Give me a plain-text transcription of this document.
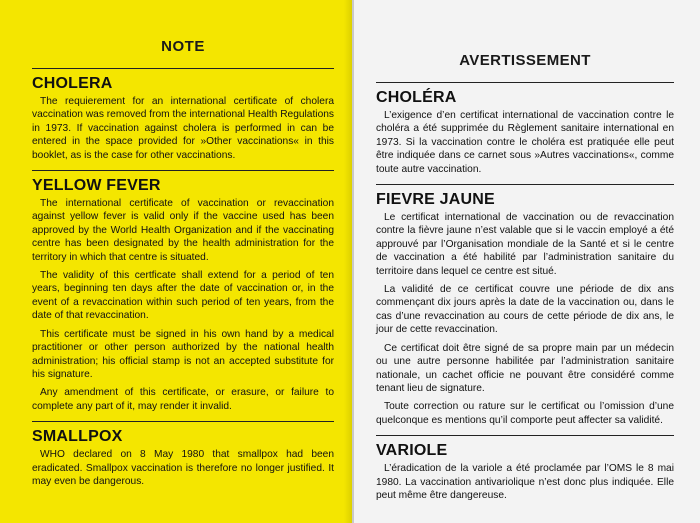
NOTE
CHOLERA

The requierement for an international certificate of cholera vaccination was removed from the international Health Regulations in 1973. If vaccination against cholera is performed in can be entered in the space provided for »Other vaccinations« in this booklet, as is the case for other vaccinations.

YELLOW FEVER

The international certificate of vaccination or revaccination against yellow fever is valid only if the vaccine used has been approved by the World Health Organization and if the vaccinating centre has been designated by the health administration for the territory in which that centre is situated.

The validity of this certficate shall extend for a period of ten years, beginning ten days after the date of vaccination or, in the event of a revaccination within such period of ten years, from the date of that revaccination.

This certificate must be signed in his own hand by a medical practitioner or other person authorized by the national health administration; his official stamp is not an accepted substitute for his signature.

Any amendment of this certificate, or erasure, or failure to complete any part of it, may render it invalid.

SMALLPOX

WHO declared on 8 May 1980 that smallpox had been eradicated. Smallpox vaccination is therefore no longer justified. It may even be dangerous.

AVERTISSEMENT
CHOLÉRA

L’exigence d’en certificat international de vaccination contre le choléra a été supprimée du Règlement sanitaire international en 1973. Si la vaccination contre le choléra est pratiquée elle peut être indiquée dans ce carnet sous »Autres vaccinations«, comme toute autre vaccination.

FIEVRE JAUNE

Le certificat international de vaccination ou de revaccination contre la fièvre jaune n’est valable que si le vaccin employé a été approuvé par l’Organisation mondiale de la Santé et si le centre de vaccination a été habilité par l’administration sanitaire du territoire dans lequel ce centre est situé.

La validité de ce certificat couvre une période de dix ans commençant dix jours après la date de la vaccination ou, dans le cas d’une revaccination au cours de cette période de dix ans, le jour de cette revaccination.

Ce certificat doit être signé de sa propre main par un médecin ou une autre personne habilitée par l’administration sanitaire nationale, un cachet officie ne pouvant être considéré comme tenant lieu de signature.

Toute correction ou rature sur le certificat ou l’omission d’une quelconque es mentions qu’il comporte peut affecter sa validité.

VARIOLE

L’éradication de la variole a été proclamée par l’OMS le 8 mai 1980. La vaccination antivariolique n’est donc plus indiquée. Elle peut même être dangereuse.
